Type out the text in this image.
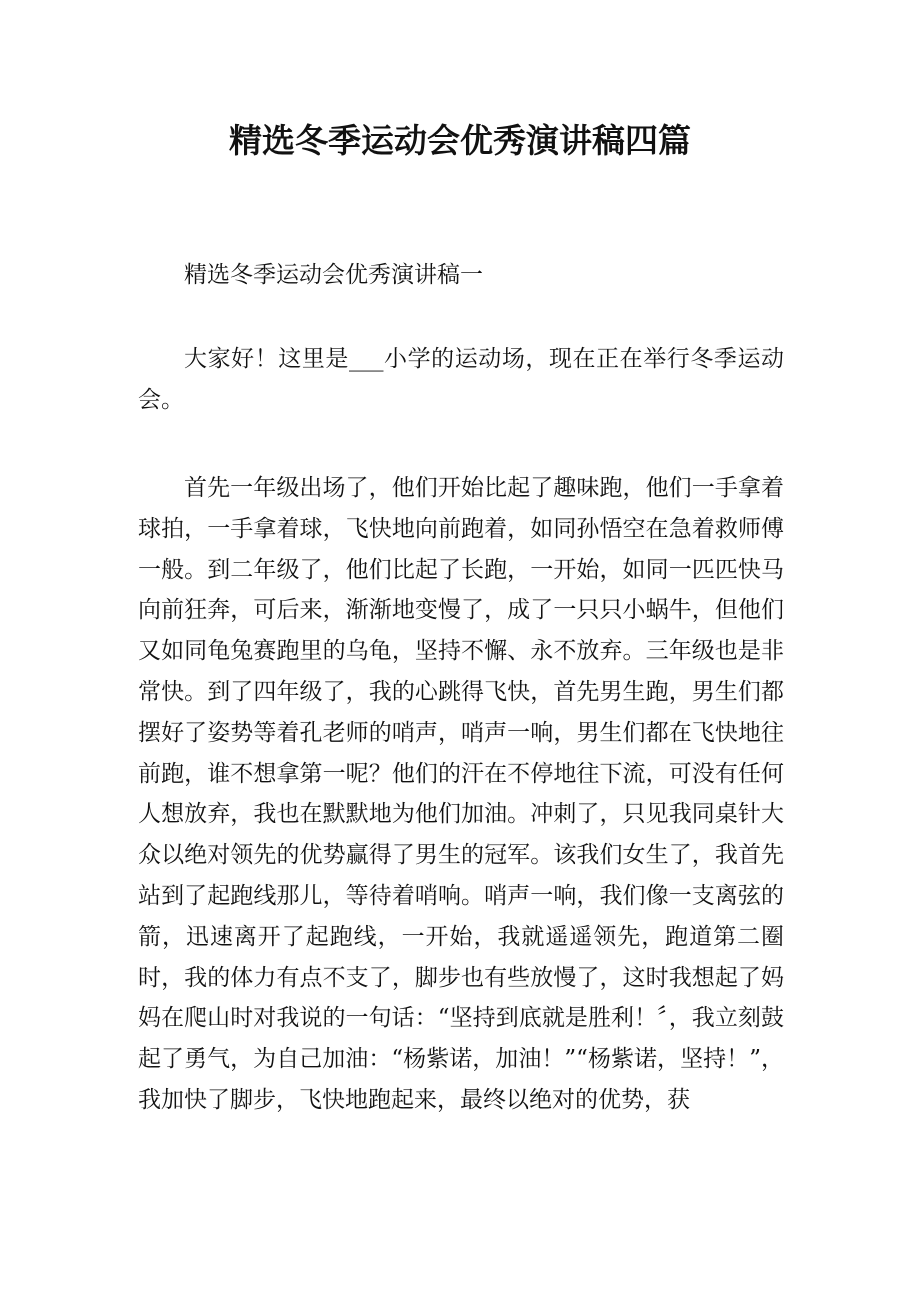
精选冬季运动会优秀演讲稿四篇

精选冬季运动会优秀演讲稿一

大家好！这里是___小学的运动场，现在正在举行冬季运动会。

首先一年级出场了，他们开始比起了趣味跑，他们一手拿着球拍，一手拿着球，飞快地向前跑着，如同孙悟空在急着救师傅一般。到二年级了，他们比起了长跑，一开始，如同一匹匹快马向前狂奔，可后来，渐渐地变慢了，成了一只只小蜗牛，但他们又如同龟兔赛跑里的乌龟，坚持不懈、永不放弃。三年级也是非常快。到了四年级了，我的心跳得飞快，首先男生跑，男生们都摆好了姿势等着孔老师的哨声，哨声一响，男生们都在飞快地往前跑，谁不想拿第一呢？他们的汗在不停地往下流，可没有任何人想放弃，我也在默默地为他们加油。冲刺了，只见我同桌针大众以绝对领先的优势赢得了男生的冠军。该我们女生了，我首先站到了起跑线那儿，等待着哨响。哨声一响，我们像一支离弦的箭，迅速离开了起跑线，一开始，我就遥遥领先，跑道第二圈时，我的体力有点不支了，脚步也有些放慢了，这时我想起了妈妈在爬山时对我说的一句话：“坚持到底就是胜利！〞，我立刻鼓起了勇气，为自己加油：“杨紫诺，加油！”“杨紫诺，坚持！”，我加快了脚步，飞快地跑起来，最终以绝对的优势，获
